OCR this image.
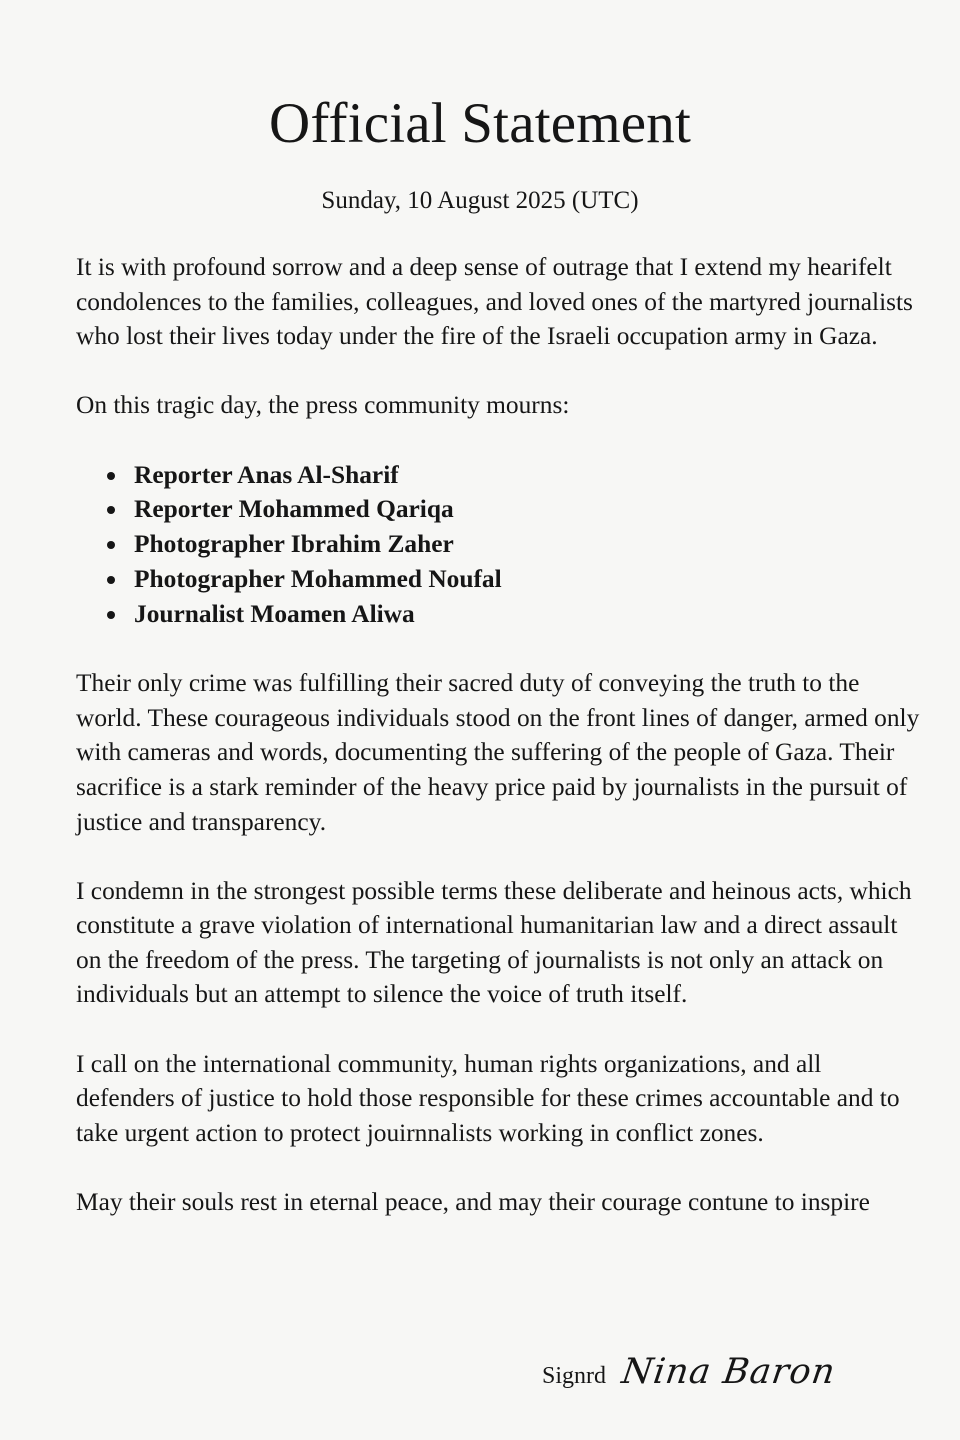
Official Statement

Sunday, 10 August 2025 (UTC)

It is with profound sorrow and a deep sense of outrage that I extend my hearifelt condolences to the families, colleagues, and loved ones of the martyred journalists who lost their lives today under the fire of the Israeli occupation army in Gaza.

On this tragic day, the press community mourns:

Reporter Anas Al-Sharif
Reporter Mohammed Qariqa
Photographer Ibrahim Zaher
Photographer Mohammed Noufal
Journalist Moamen Aliwa

Their only crime was fulfilling their sacred duty of conveying the truth to the world. These courageous individuals stood on the front lines of danger, armed only with cameras and words, documenting the suffering of the people of Gaza. Their sacrifice is a stark reminder of the heavy price paid by journalists in the pursuit of justice and transparency.

I condemn in the strongest possible terms these deliberate and heinous acts, which constitute a grave violation of international humanitarian law and a direct assault on the freedom of the press. The targeting of journalists is not only an attack on individuals but an attempt to silence the voice of truth itself.

I call on the international community, human rights organizations, and all defenders of justice to hold those responsible for these crimes accountable and to take urgent action to protect jouirnnalists working in conflict zones.

May their souls rest in eternal peace, and may their courage contune to inspire

Signrd Nina Baron
